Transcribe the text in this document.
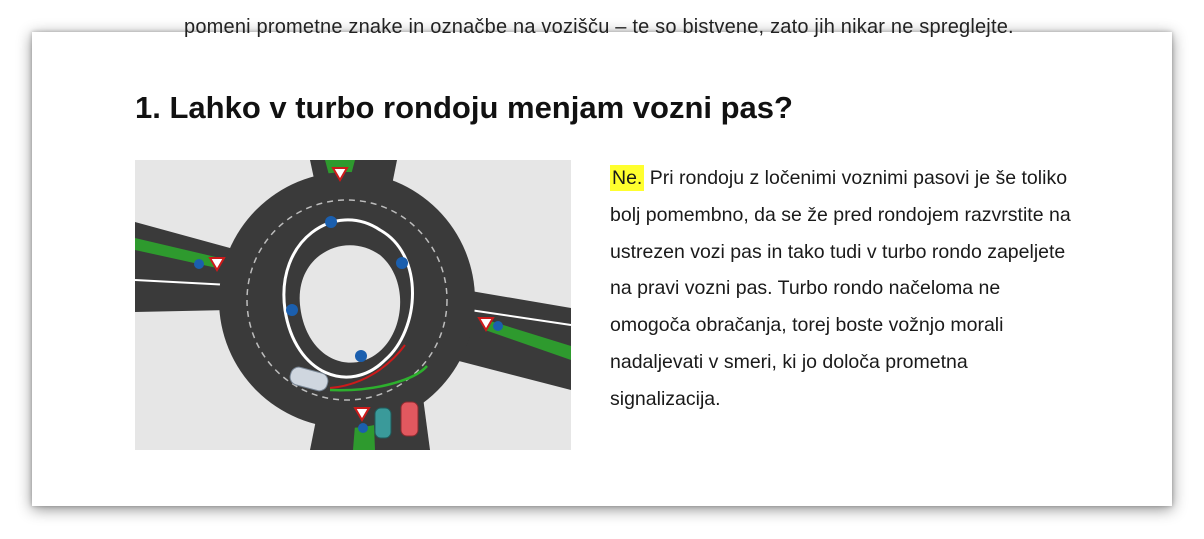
pomeni prometne znake in označbe na vozišču – te so bistvene, zato jih nikar ne spreglejte.
1. Lahko v turbo rondoju menjam vozni pas?

Ne. Pri rondoju z ločenimi voznimi pasovi je še toliko bolj pomembno, da se že pred rondojem razvrstite na ustrezen vozi pas in tako tudi v turbo rondo zapeljete na pravi vozni pas. Turbo rondo načeloma ne omogoča obračanja, torej boste vožnjo morali nadaljevati v smeri, ki jo določa prometna signalizacija.
